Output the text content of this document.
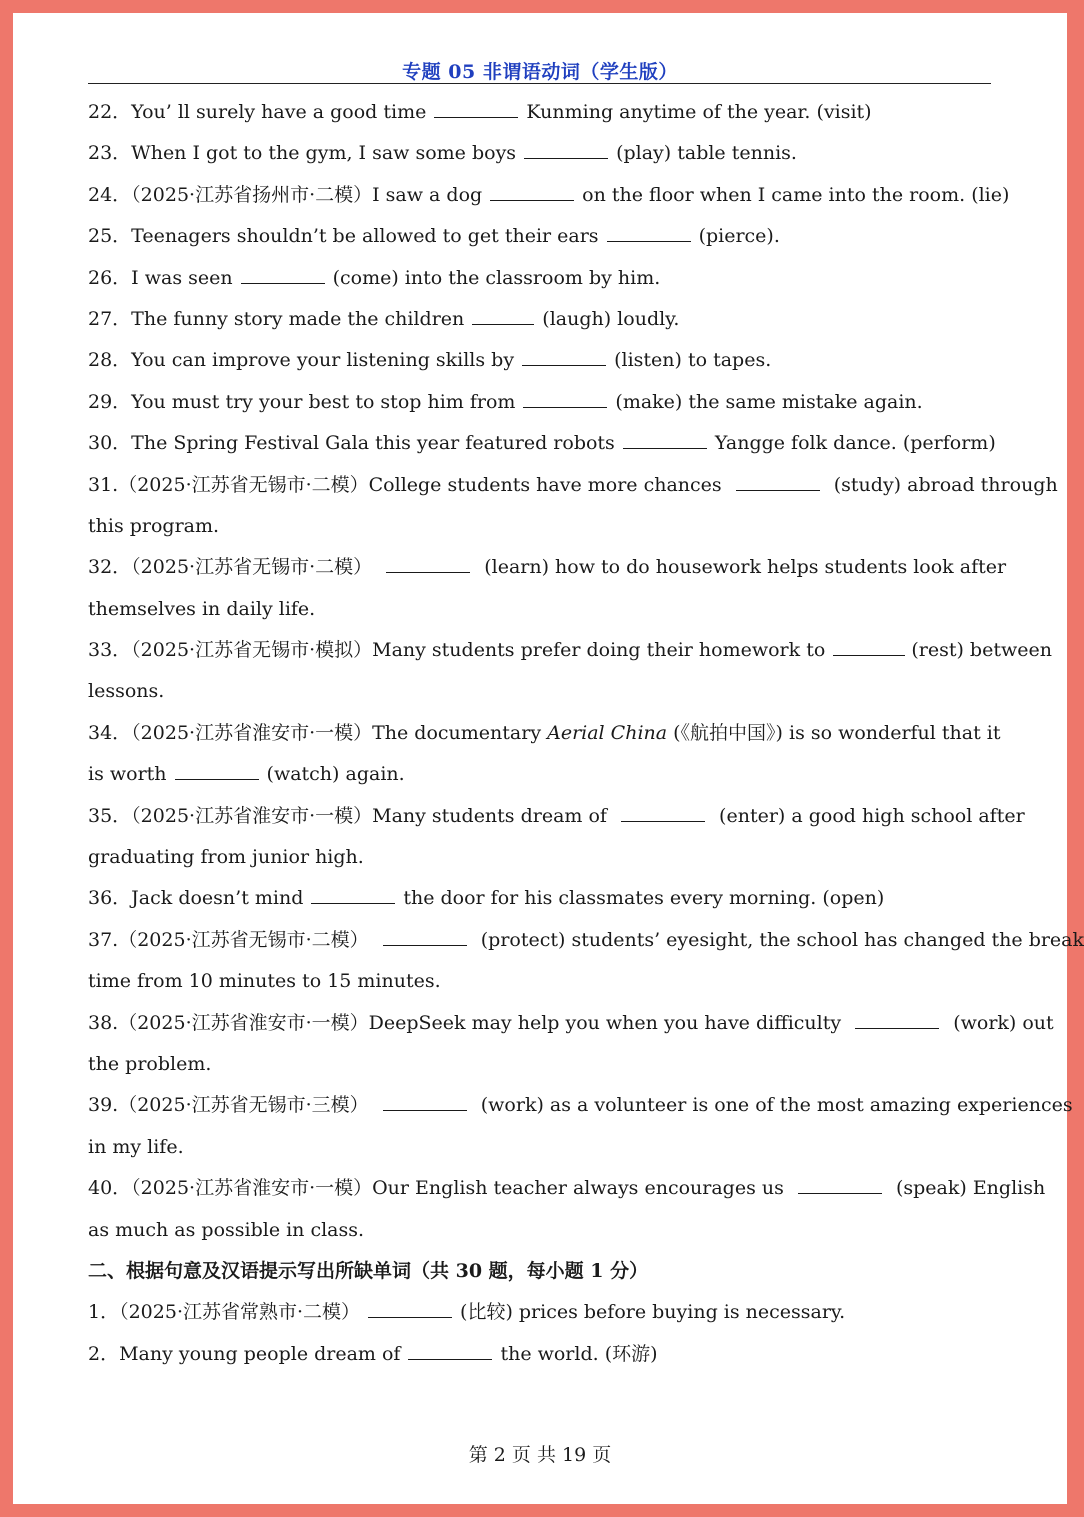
专题 05 非谓语动词（学生版）
22．You’ ll surely have a good time	Kunming anytime of the year. (visit)
23．When I got to the gym, I saw some boys	(play) table tennis.
24．（2025·江苏省扬州市·二模）I saw a dog	on the floor when I came into the room. (lie)
25．Teenagers shouldn’t be allowed to get their ears	(pierce).
26．I was seen	(come) into the classroom by him.
27．The funny story made the children	(laugh) loudly.
28．You can improve your listening skills by	(listen) to tapes.
29．You must try your best to stop him from	(make) the same mistake again.
30．The Spring Festival Gala this year featured robots	Yangge folk dance. (perform)
31.（2025·江苏省无锡市·二模）College students have more chances	(study) abroad through
this program.
32．（2025·江苏省无锡市·二模）	(learn) how to do housework helps students look after
themselves in daily life.
33．（2025·江苏省无锡市·模拟）Many students prefer doing their homework to	(rest) between
lessons.
34．（2025·江苏省淮安市·一模）The documentary Aerial China (《航拍中国》) is so wonderful that it
is worth	(watch) again.
35．（2025·江苏省淮安市·一模）Many students dream of	(enter) a good high school after
graduating from junior high.
36．Jack doesn’t mind	the door for his classmates every morning. (open)
37.（2025·江苏省无锡市·二模）	(protect) students’ eyesight, the school has changed the break
time from 10 minutes to 15 minutes.
38.（2025·江苏省淮安市·一模）DeepSeek may help you when you have difficulty	(work) out
the problem.
39.（2025·江苏省无锡市·三模）	(work) as a volunteer is one of the most amazing experiences
in my life.
40．（2025·江苏省淮安市·一模）Our English teacher always encourages us	(speak) English
as much as possible in class.
二、根据句意及汉语提示写出所缺单词（共 30 题，每小题 1 分）
1．（2025·江苏省常熟市·二模）	(比较) prices before buying is necessary.
2．Many young people dream of	the world. (环游)
第 2 页 共 19 页
